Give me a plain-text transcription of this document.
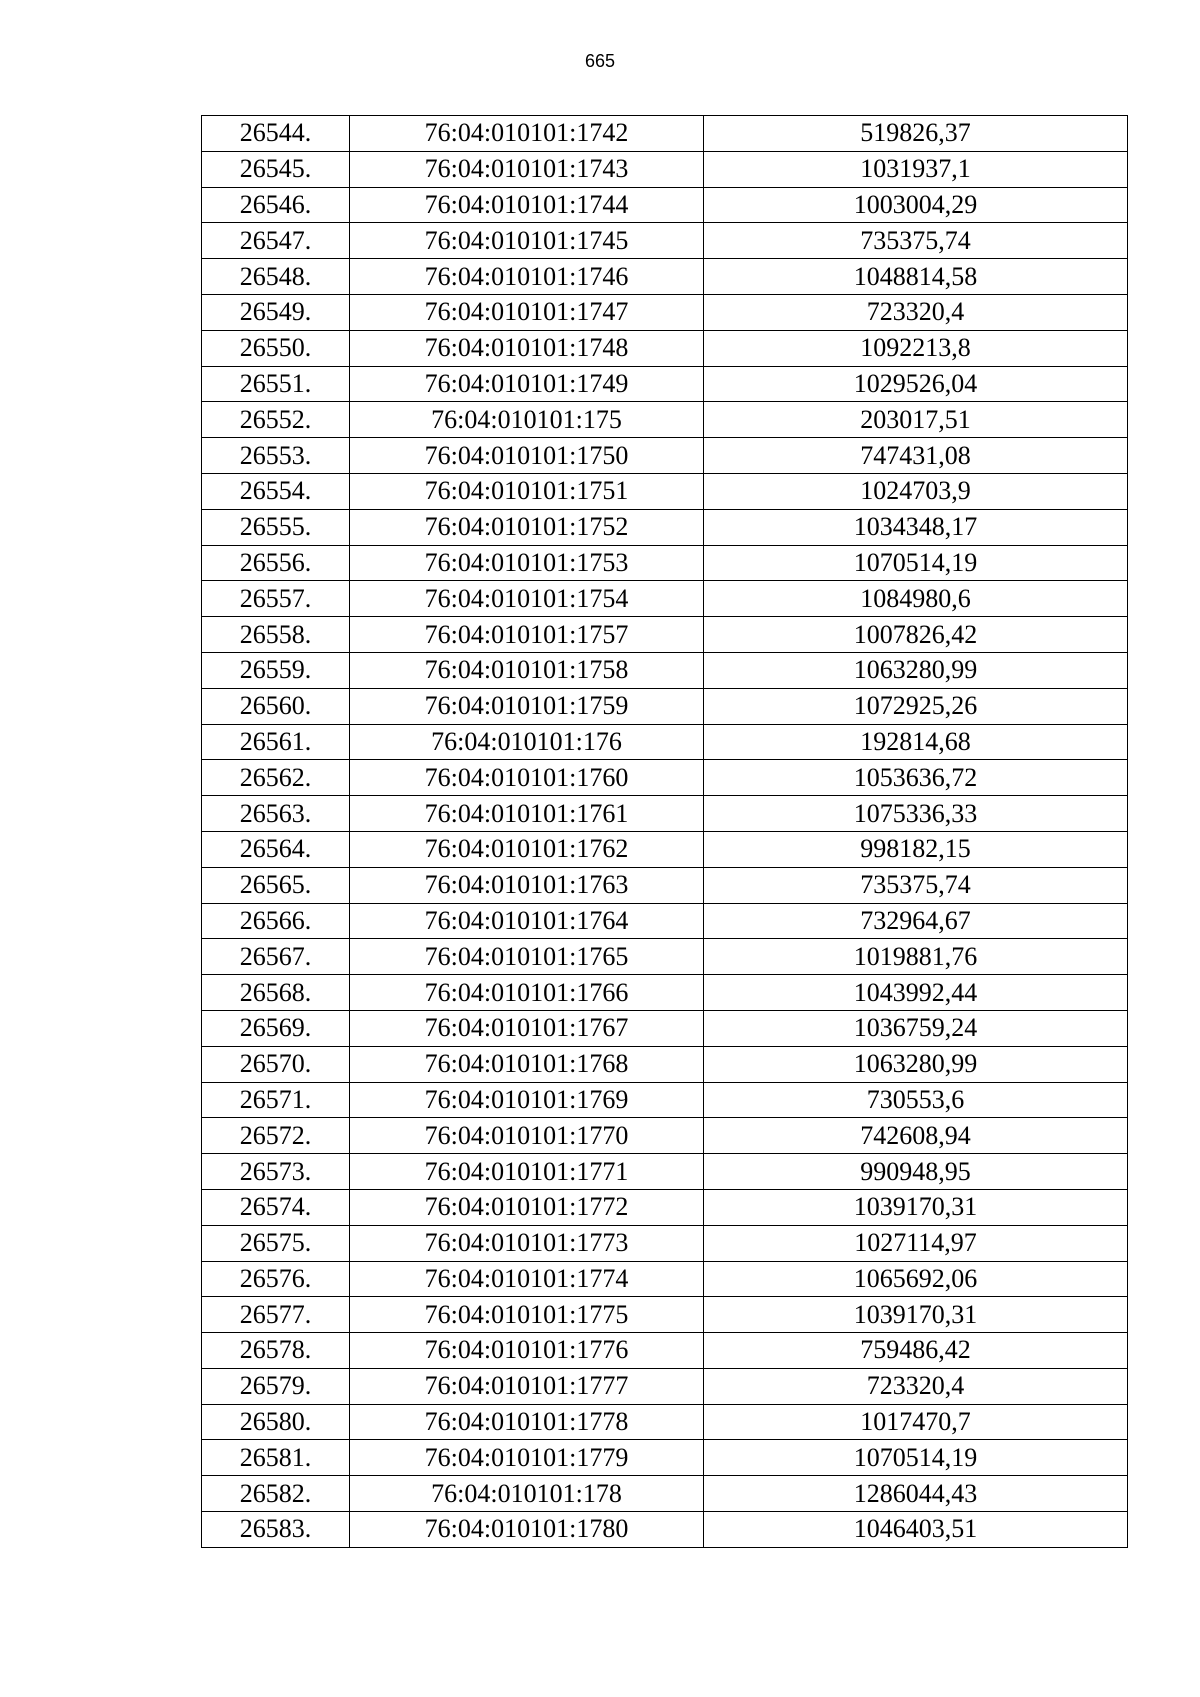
665
26544.	76:04:010101:1742	519826,37
26545.	76:04:010101:1743	1031937,1
26546.	76:04:010101:1744	1003004,29
26547.	76:04:010101:1745	735375,74
26548.	76:04:010101:1746	1048814,58
26549.	76:04:010101:1747	723320,4
26550.	76:04:010101:1748	1092213,8
26551.	76:04:010101:1749	1029526,04
26552.	76:04:010101:175	203017,51
26553.	76:04:010101:1750	747431,08
26554.	76:04:010101:1751	1024703,9
26555.	76:04:010101:1752	1034348,17
26556.	76:04:010101:1753	1070514,19
26557.	76:04:010101:1754	1084980,6
26558.	76:04:010101:1757	1007826,42
26559.	76:04:010101:1758	1063280,99
26560.	76:04:010101:1759	1072925,26
26561.	76:04:010101:176	192814,68
26562.	76:04:010101:1760	1053636,72
26563.	76:04:010101:1761	1075336,33
26564.	76:04:010101:1762	998182,15
26565.	76:04:010101:1763	735375,74
26566.	76:04:010101:1764	732964,67
26567.	76:04:010101:1765	1019881,76
26568.	76:04:010101:1766	1043992,44
26569.	76:04:010101:1767	1036759,24
26570.	76:04:010101:1768	1063280,99
26571.	76:04:010101:1769	730553,6
26572.	76:04:010101:1770	742608,94
26573.	76:04:010101:1771	990948,95
26574.	76:04:010101:1772	1039170,31
26575.	76:04:010101:1773	1027114,97
26576.	76:04:010101:1774	1065692,06
26577.	76:04:010101:1775	1039170,31
26578.	76:04:010101:1776	759486,42
26579.	76:04:010101:1777	723320,4
26580.	76:04:010101:1778	1017470,7
26581.	76:04:010101:1779	1070514,19
26582.	76:04:010101:178	1286044,43
26583.	76:04:010101:1780	1046403,51
